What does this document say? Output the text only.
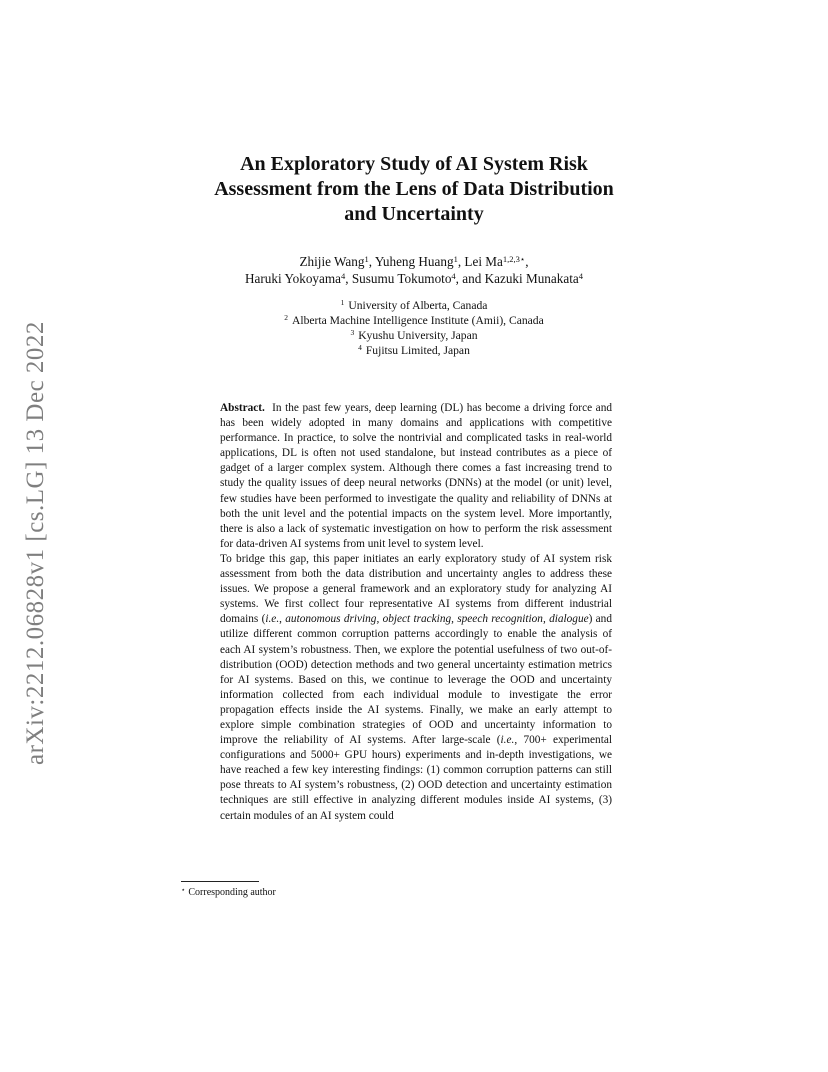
arXiv:2212.06828v1 [cs.LG] 13 Dec 2022
An Exploratory Study of AI System Risk
Assessment from the Lens of Data Distribution
and Uncertainty
Zhijie Wang$^1$, Yuheng Huang$^1$, Lei $Ma^{1,2,3⋆}$,
Haruki Yokoyama$^4$, Susumu Tokumoto$^4$, and Kazuki Munakata$^4$
$^1$ University of Alberta, Canada
$^2$ Alberta Machine Intelligence Institute (Amii), Canada
$^3$ Kyushu University, Japan
$^4$ Fujitsu Limited, Japan

Abstract. In the past few years, deep learning (DL) has become a driving force and has been widely adopted in many domains and applications with competitive performance. In practice, to solve the nontrivial and complicated tasks in real-world applications, DL is often not used standalone, but instead contributes as a piece of gadget of a larger complex system. Although there comes a fast increasing trend to study the quality issues of deep neural networks (DNNs) at the model (or unit) level, few studies have been performed to investigate the quality and reliability of DNNs at both the unit level and the potential impacts on the system level. More importantly, there is also a lack of systematic investigation on how to perform the risk assessment for data-driven AI systems from unit level to system level.

To bridge this gap, this paper initiates an early exploratory study of AI system risk assessment from both the data distribution and uncertainty angles to address these issues. We propose a general framework and an exploratory study for analyzing AI systems. We first collect four representative AI systems from different industrial domains (i.e., autonomous driving, object tracking, speech recognition, dialogue) and utilize different common corruption patterns accordingly to enable the analysis of each AI system’s robustness. Then, we explore the potential usefulness of two out-of-distribution (OOD) detection methods and two general uncertainty estimation metrics for AI systems. Based on this, we continue to leverage the OOD and uncertainty information collected from each individual module to investigate the error propagation effects inside the AI systems. Finally, we make an early attempt to explore simple combination strategies of OOD and uncertainty information to improve the reliability of AI systems. After large-scale (i.e., 700+ experimental configurations and 5000+ GPU hours) experiments and in-depth investigations, we have reached a few key interesting findings: (1) common corruption patterns can still pose threats to AI system’s robustness, (2) OOD detection and uncertainty estimation techniques are still effective in analyzing different modules inside AI systems, (3) certain modules of an AI system could

⋆ Corresponding author
